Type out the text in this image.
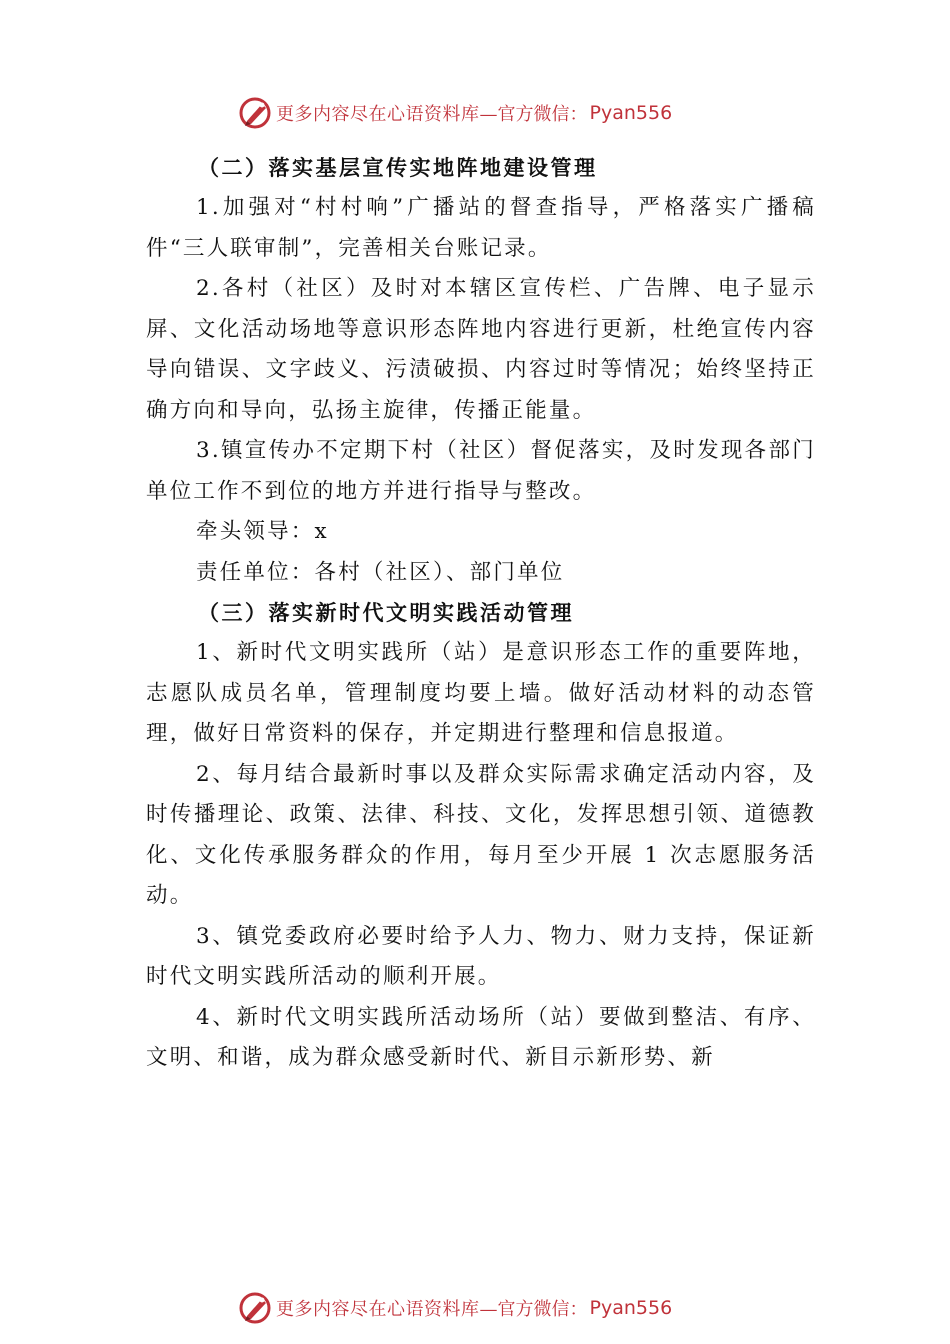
更多内容尽在心语资料库 —官方微信： Pyan556

（二）落实基层宣传实地阵地建设管理

1.加强对“村村响”广播站的督查指导，严格落实广播稿件“三人联审制”，完善相关台账记录。

2.各村（社区）及时对本辖区宣传栏、广告牌、电子显示屏、文化活动场地等意识形态阵地内容进行更新，杜绝宣传内容导向错误、文字歧义、污渍破损、内容过时等情况；始终坚持正确方向和导向，弘扬主旋律，传播正能量。

3.镇宣传办不定期下村（社区）督促落实，及时发现各部门单位工作不到位的地方并进行指导与整改。

牵头领导：x

责任单位：各村（社区）、部门单位

（三）落实新时代文明实践活动管理

1、新时代文明实践所（站）是意识形态工作的重要阵地，志愿队成员名单，管理制度均要上墙。做好活动材料的动态管理，做好日常资料的保存，并定期进行整理和信息报道。

2、每月结合最新时事以及群众实际需求确定活动内容，及时传播理论、政策、法律、科技、文化，发挥思想引领、道德教化、文化传承服务群众的作用，每月至少开展 1 次志愿服务活动。

3、镇党委政府必要时给予人力、物力、财力支持，保证新时代文明实践所活动的顺利开展。

4、新时代文明实践所活动场所（站）要做到整洁、有序、文明、和谐，成为群众感受新时代、新目示新形势、新

更多内容尽在心语资料库 —官方微信： Pyan556
